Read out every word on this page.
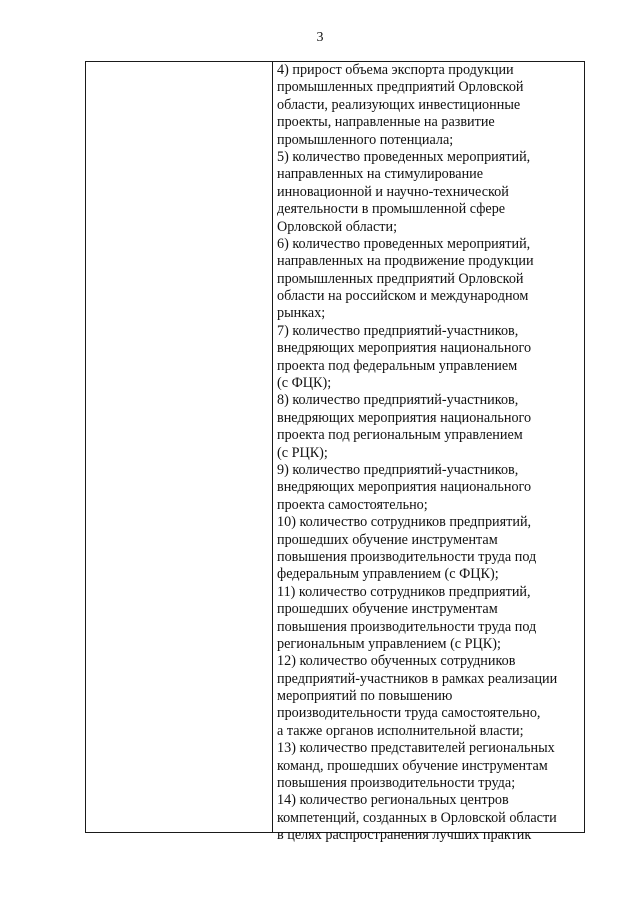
3
4) прирост объема экспорта продукции
промышленных предприятий Орловской
области, реализующих инвестиционные
проекты, направленные на развитие
промышленного потенциала;
5) количество проведенных мероприятий,
направленных на стимулирование
инновационной и научно-технической
деятельности в промышленной сфере
Орловской области;
6) количество проведенных мероприятий,
направленных на продвижение продукции
промышленных предприятий Орловской
области на российском и международном
рынках;
7) количество предприятий-участников,
внедряющих мероприятия национального
проекта под федеральным управлением
(с ФЦК);
8) количество предприятий-участников,
внедряющих мероприятия национального
проекта под региональным управлением
(с РЦК);
9) количество предприятий-участников,
внедряющих мероприятия национального
проекта самостоятельно;
10) количество сотрудников предприятий,
прошедших обучение инструментам
повышения производительности труда под
федеральным управлением (с ФЦК);
11) количество сотрудников предприятий,
прошедших обучение инструментам
повышения производительности труда под
региональным управлением (с РЦК);
12) количество обученных сотрудников
предприятий-участников в рамках реализации
мероприятий по повышению
производительности труда самостоятельно,
а также органов исполнительной власти;
13) количество представителей региональных
команд, прошедших обучение инструментам
повышения производительности труда;
14) количество региональных центров
компетенций, созданных в Орловской области
в целях распространения лучших практик
